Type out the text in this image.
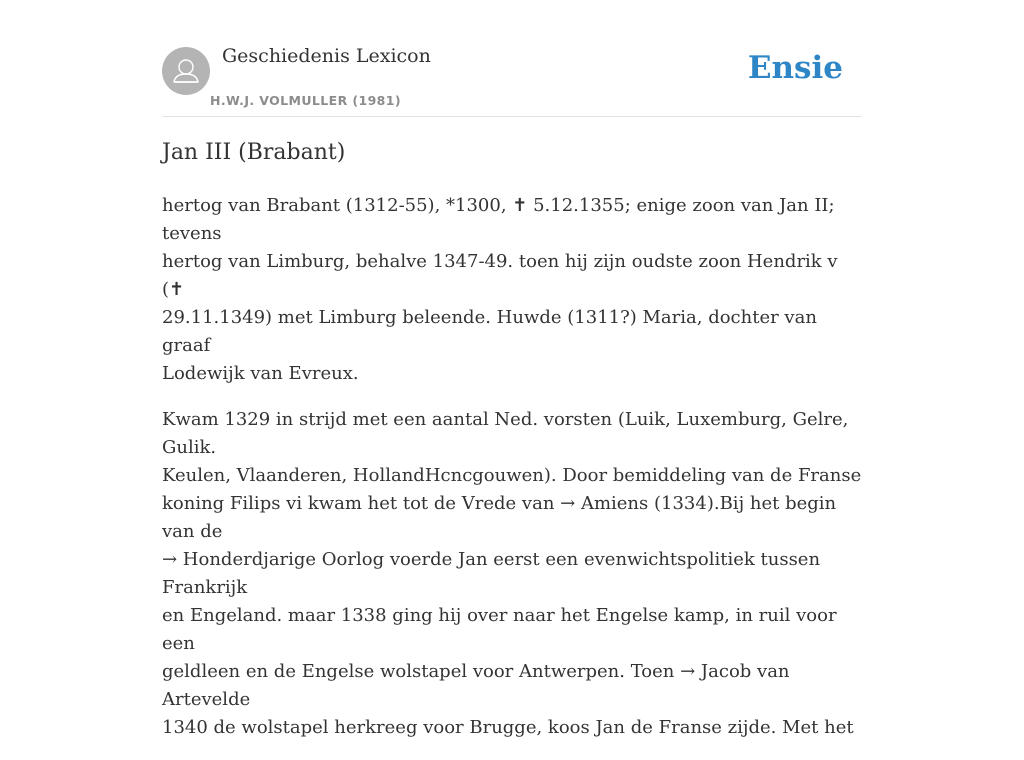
Geschiedenis Lexicon
H.W.J. VOLMULLER (1981)
Ensie
Jan III (Brabant)

hertog van Brabant (1312-55), *1300, ✝ 5.12.1355; enige zoon van Jan II; tevens
hertog van Limburg, behalve 1347-49. toen hij zijn oudste zoon Hendrik v (✝
29.11.1349) met Limburg beleende. Huwde (1311?) Maria, dochter van graaf
Lodewijk van Evreux.

Kwam 1329 in strijd met een aantal Ned. vorsten (Luik, Luxemburg, Gelre, Gulik.
Keulen, Vlaanderen, HollandHcncgouwen). Door bemiddeling van de Franse
koning Filips vi kwam het tot de Vrede van → Amiens (1334).Bij het begin van de
→ Honderdjarige Oorlog voerde Jan eerst een evenwichtspolitiek tussen Frankrijk
en Engeland. maar 1338 ging hij over naar het Engelse kamp, in ruil voor een
geldleen en de Engelse wolstapel voor Antwerpen. Toen → Jacob van Artevelde
1340 de wolstapel herkreeg voor Brugge, koos Jan de Franse zijde. Met het
